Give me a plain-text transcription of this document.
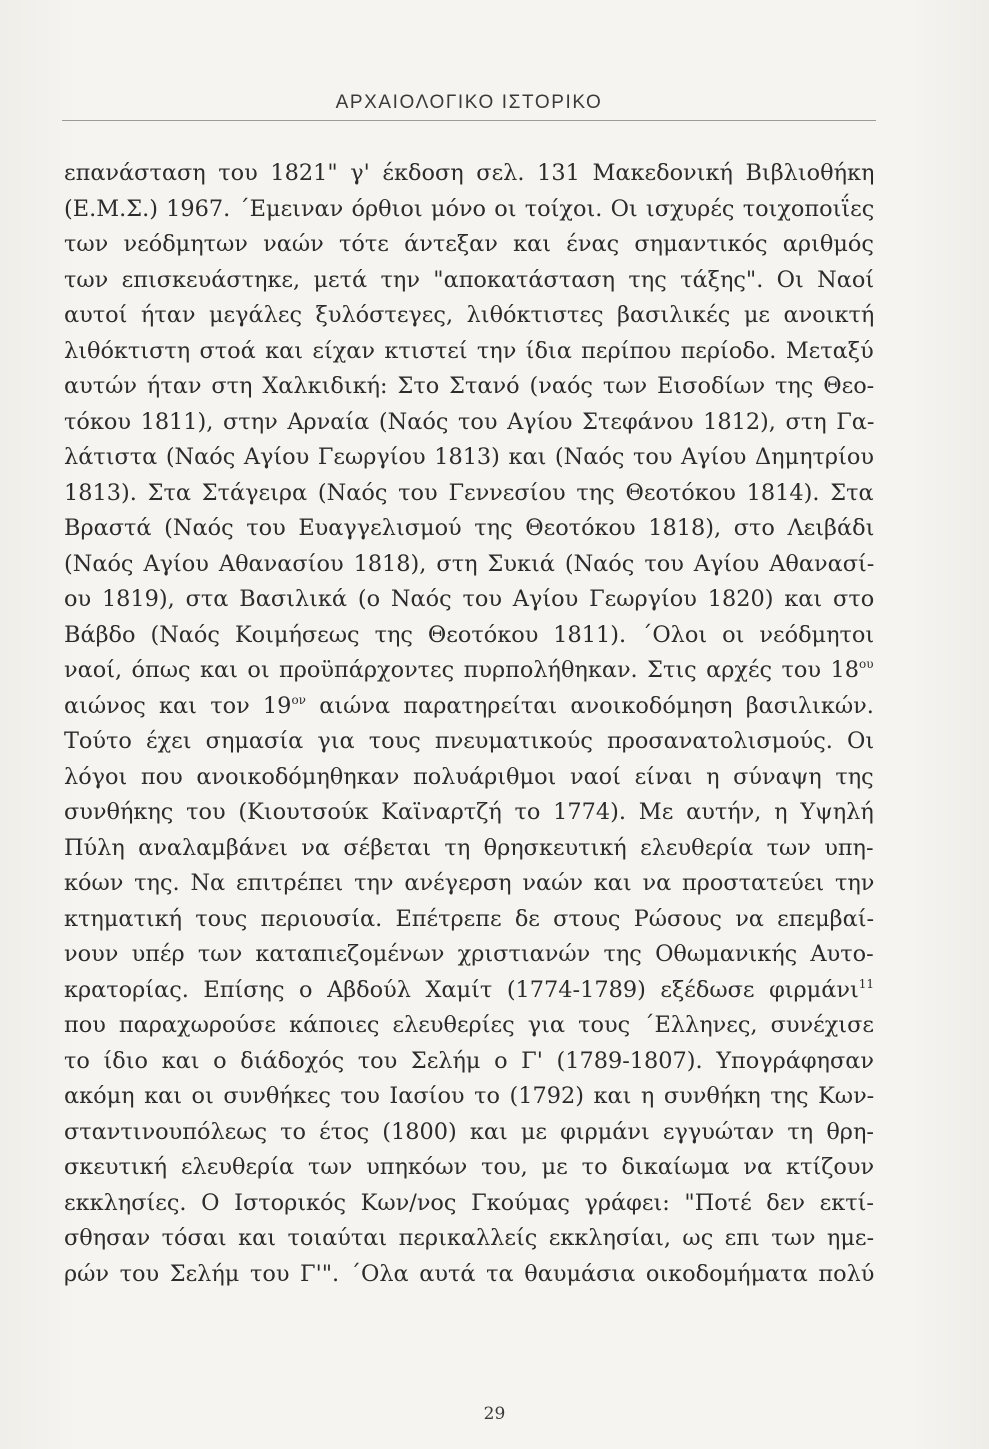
ΑΡΧΑΙΟΛΟΓΙΚΟ ΙΣΤΟΡΙΚΟ
επανάσταση του 1821" γ' έκδοση σελ. 131 Μακεδονική Βιβλιοθήκη
(Ε.Μ.Σ.) 1967. ΄Εμειναν όρθιοι μόνο οι τοίχοι. Οι ισχυρές τοιχοποιΐες
των νεόδμητων ναών τότε άντεξαν και ένας σημαντικός αριθμός
των επισκευάστηκε, μετά την "αποκατάσταση της τάξης". Οι Ναοί
αυτοί ήταν μεγάλες ξυλόστεγες, λιθόκτιστες βασιλικές με ανοικτή
λιθόκτιστη στοά και είχαν κτιστεί την ίδια περίπου περίοδο. Μεταξύ
αυτών ήταν στη Χαλκιδική: Στο Στανό (ναός των Εισοδίων της Θεο-
τόκου 1811), στην Αρναία (Ναός του Αγίου Στεφάνου 1812), στη Γα-
λάτιστα (Ναός Αγίου Γεωργίου 1813) και (Ναός του Αγίου Δημητρίου
1813). Στα Στάγειρα (Ναός του Γεννεσίου της Θεοτόκου 1814). Στα
Βραστά (Ναός του Ευαγγελισμού της Θεοτόκου 1818), στο Λειβάδι
(Ναός Αγίου Αθανασίου 1818), στη Συκιά (Ναός του Αγίου Αθανασί-
ου 1819), στα Βασιλικά (ο Ναός του Αγίου Γεωργίου 1820) και στο
Βάβδο (Ναός Κοιμήσεως της Θεοτόκου 1811). ΄Ολοι οι νεόδμητοι
ναοί, όπως και οι προϋπάρχοντες πυρπολήθηκαν. Στις αρχές του $18^{o\upsilon}$
αιώνος και τον $19^{o\nu}$ αιώνα παρατηρείται ανοικοδόμηση βασιλικών.
Τούτο έχει σημασία για τους πνευματικούς προσανατολισμούς. Οι
λόγοι που ανοικοδόμηθηκαν πολυάριθμοι ναοί είναι η σύναψη της
συνθήκης του (Κιουτσούκ Καϊναρτζή το 1774). Με αυτήν, η Υψηλή
Πύλη αναλαμβάνει να σέβεται τη θρησκευτική ελευθερία των υπη-
κόων της. Να επιτρέπει την ανέγερση ναών και να προστατεύει την
κτηματική τους περιουσία. Επέτρεπε δε στους Ρώσους να επεμβαί-
νουν υπέρ των καταπιεζομένων χριστιανών της Οθωμανικής Αυτο-
κρατορίας. Επίσης ο Αβδούλ Χαμίτ (1774-1789) εξέδωσε φιρμάνι$^{11}$
που παραχωρούσε κάποιες ελευθερίες για τους ΄Ελληνες, συνέχισε
το ίδιο και ο διάδοχός του Σελήμ ο Γ' (1789-1807). Υπογράφησαν
ακόμη και οι συνθήκες του Ιασίου το (1792) και η συνθήκη της Κων-
σταντινουπόλεως το έτος (1800) και με φιρμάνι εγγυώταν τη θρη-
σκευτική ελευθερία των υπηκόων του, με το δικαίωμα να κτίζουν
εκκλησίες. Ο Ιστορικός Κων/νος Γκούμας γράφει: "Ποτέ δεν εκτί-
σθησαν τόσαι και τοιαύται περικαλλείς εκκλησίαι, ως επι των ημε-
ρών του Σελήμ του Γ'". ΄Ολα αυτά τα θαυμάσια οικοδομήματα πολύ
29
